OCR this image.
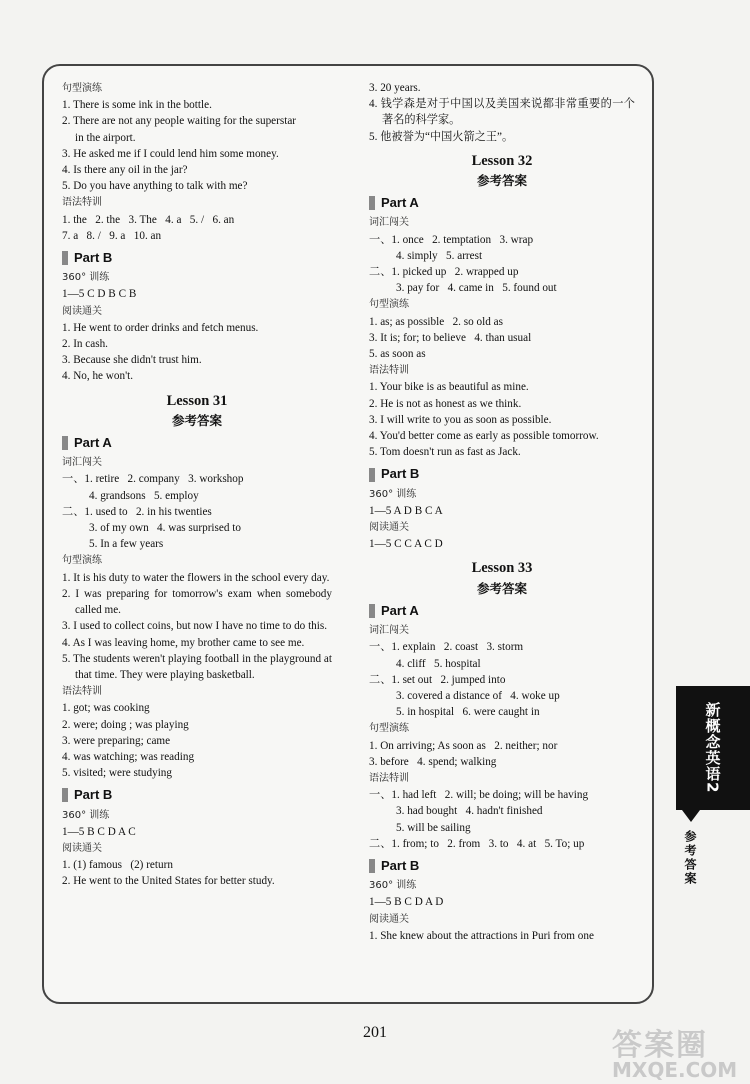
句型演练
1. There is some ink in the bottle.
2. There are not any people waiting for the superstar
in the airport.
3. He asked me if I could lend him some money.
4. Is there any oil in the jar?
5. Do you have anything to talk with me?
语法特训
1. the   2. the   3. The   4. a   5. /   6. an
7. a   8. /   9. a   10. an
Part B
360° 训练
1—5 C D B C B
阅读通关
1. He went to order drinks and fetch menus.
2. In cash.
3. Because she didn't trust him.
4. No, he won't.
Lesson 31
参考答案
Part A
词汇闯关
一、1. retire   2. company   3. workshop
4. grandsons   5. employ
二、1. used to   2. in his twenties
3. of my own   4. was surprised to
5. In a few years
句型演练
1. It is his duty to water the flowers in the school every day.
2. I was preparing for tomorrow's exam when somebody called me.
3. I used to collect coins, but now I have no time to do this.
4. As I was leaving home, my brother came to see me.
5. The students weren't playing football in the playground at that time. They were playing basketball.
语法特训
1. got; was cooking
2. were; doing ; was playing
3. were preparing; came
4. was watching; was reading
5. visited; were studying
Part B
360° 训练
1—5 B C D A C
阅读通关
1. (1) famous   (2) return
2. He went to the United States for better study.
3. 20 years.
4. 钱学森是对于中国以及美国来说都非常重要的一个著名的科学家。
5. 他被誉为“中国火箭之王”。
Lesson 32
参考答案
Part A
词汇闯关
一、1. once   2. temptation   3. wrap
4. simply   5. arrest
二、1. picked up   2. wrapped up
3. pay for   4. came in   5. found out
句型演练
1. as; as possible   2. so old as
3. It is; for; to believe   4. than usual
5. as soon as
语法特训
1. Your bike is as beautiful as mine.
2. He is not as honest as we think.
3. I will write to you as soon as possible.
4. You'd better come as early as possible tomorrow.
5. Tom doesn't run as fast as Jack.
Part B
360° 训练
1—5 A D B C A
阅读通关
1—5 C C A C D
Lesson 33
参考答案
Part A
词汇闯关
一、1. explain   2. coast   3. storm
4. cliff   5. hospital
二、1. set out   2. jumped into
3. covered a distance of   4. woke up
5. in hospital   6. were caught in
句型演练
1. On arriving; As soon as   2. neither; nor
3. before   4. spend; walking
语法特训
一、1. had left   2. will; be doing; will be having
3. had bought   4. hadn't finished
5. will be sailing
二、1. from; to   2. from   3. to   4. at   5. To; up
Part B
360° 训练
1—5 B C D A D
阅读通关
1. She knew about the attractions in Puri from one
新概念英语2
参考答案
201	答案圈
MXQE.COM
